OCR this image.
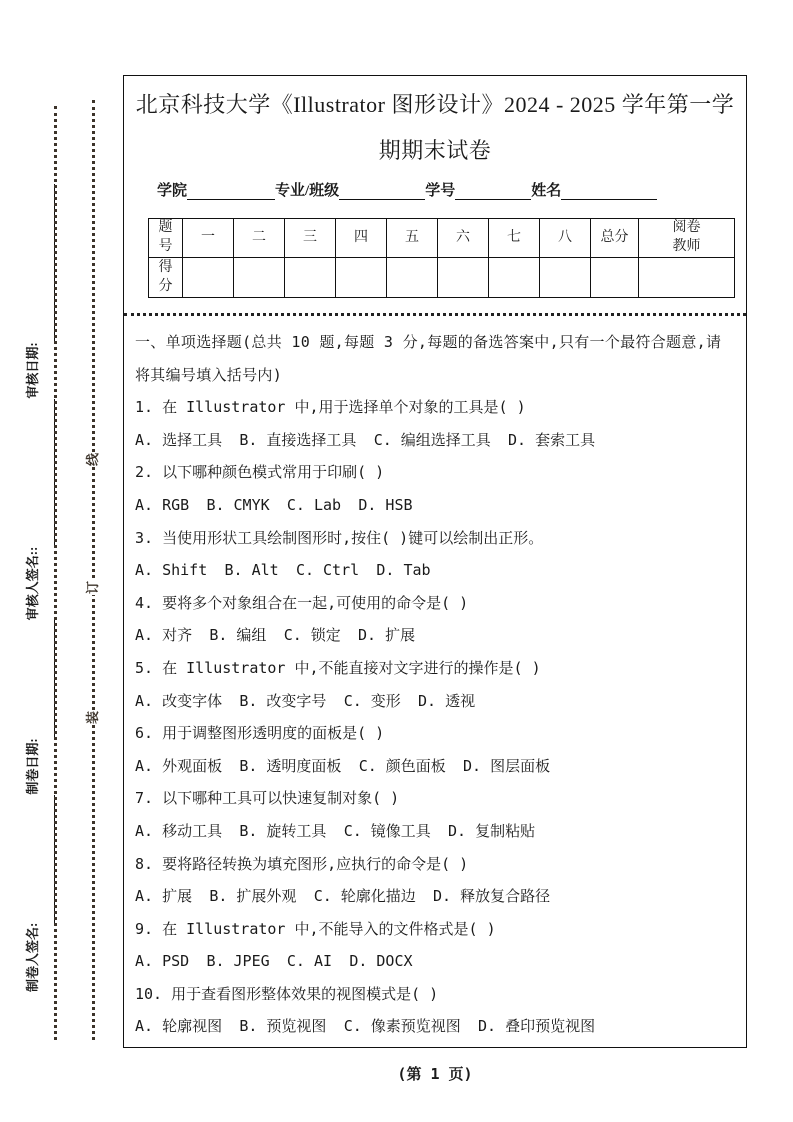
制卷人签名:
制卷日期:
审核人签名::
审核日期:
线
订
装
北京科技大学《Illustrator 图形设计》2024 - 2025 学年第一学期期末试卷
学院	专业/班级	学号	姓名
题号	一	二	三	四	五	六	七	八	总分	阅卷教师
得分										
一、单项选择题(总共 10 题,每题 3 分,每题的备选答案中,只有一个最符合题意,请将其编号填入括号内)
1. 在 Illustrator 中,用于选择单个对象的工具是( )
A. 选择工具 B. 直接选择工具 C. 编组选择工具 D. 套索工具
2. 以下哪种颜色模式常用于印刷( )
A. RGB B. CMYK C. Lab D. HSB
3. 当使用形状工具绘制图形时,按住( )键可以绘制出正形。
A. Shift B. Alt C. Ctrl D. Tab
4. 要将多个对象组合在一起,可使用的命令是( )
A. 对齐 B. 编组 C. 锁定 D. 扩展
5. 在 Illustrator 中,不能直接对文字进行的操作是( )
A. 改变字体 B. 改变字号 C. 变形 D. 透视
6. 用于调整图形透明度的面板是( )
A. 外观面板 B. 透明度面板 C. 颜色面板 D. 图层面板
7. 以下哪种工具可以快速复制对象( )
A. 移动工具 B. 旋转工具 C. 镜像工具 D. 复制粘贴
8. 要将路径转换为填充图形,应执行的命令是( )
A. 扩展 B. 扩展外观 C. 轮廓化描边 D. 释放复合路径
9. 在 Illustrator 中,不能导入的文件格式是( )
A. PSD B. JPEG C. AI D. DOCX
10. 用于查看图形整体效果的视图模式是( )
A. 轮廓视图 B. 预览视图 C. 像素预览视图 D. 叠印预览视图
(第 1 页)
